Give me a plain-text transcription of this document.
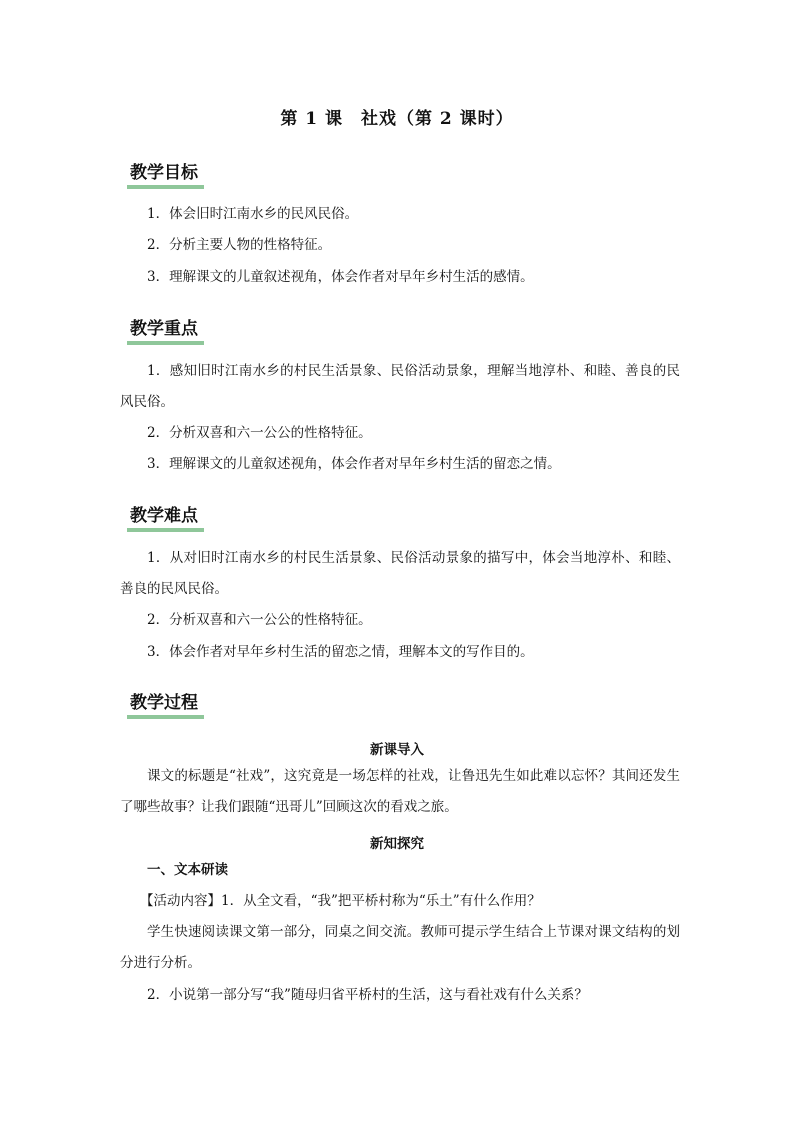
第 1 课　社戏（第 2 课时）
教学目标
1．体会旧时江南水乡的民风民俗。
2．分析主要人物的性格特征。
3．理解课文的儿童叙述视角，体会作者对早年乡村生活的感情。
教学重点
1．感知旧时江南水乡的村民生活景象、民俗活动景象，理解当地淳朴、和睦、善良的民风民俗。
2．分析双喜和六一公公的性格特征。
3．理解课文的儿童叙述视角，体会作者对早年乡村生活的留恋之情。
教学难点
1．从对旧时江南水乡的村民生活景象、民俗活动景象的描写中，体会当地淳朴、和睦、善良的民风民俗。
2．分析双喜和六一公公的性格特征。
3．体会作者对早年乡村生活的留恋之情，理解本文的写作目的。
教学过程
新课导入
课文的标题是“社戏”，这究竟是一场怎样的社戏，让鲁迅先生如此难以忘怀？其间还发生了哪些故事？让我们跟随“迅哥儿”回顾这次的看戏之旅。
新知探究
一、文本研读
【活动内容】1．从全文看，“我”把平桥村称为“乐土”有什么作用？
学生快速阅读课文第一部分，同桌之间交流。教师可提示学生结合上节课对课文结构的划分进行分析。
2．小说第一部分写“我”随母归省平桥村的生活，这与看社戏有什么关系？
